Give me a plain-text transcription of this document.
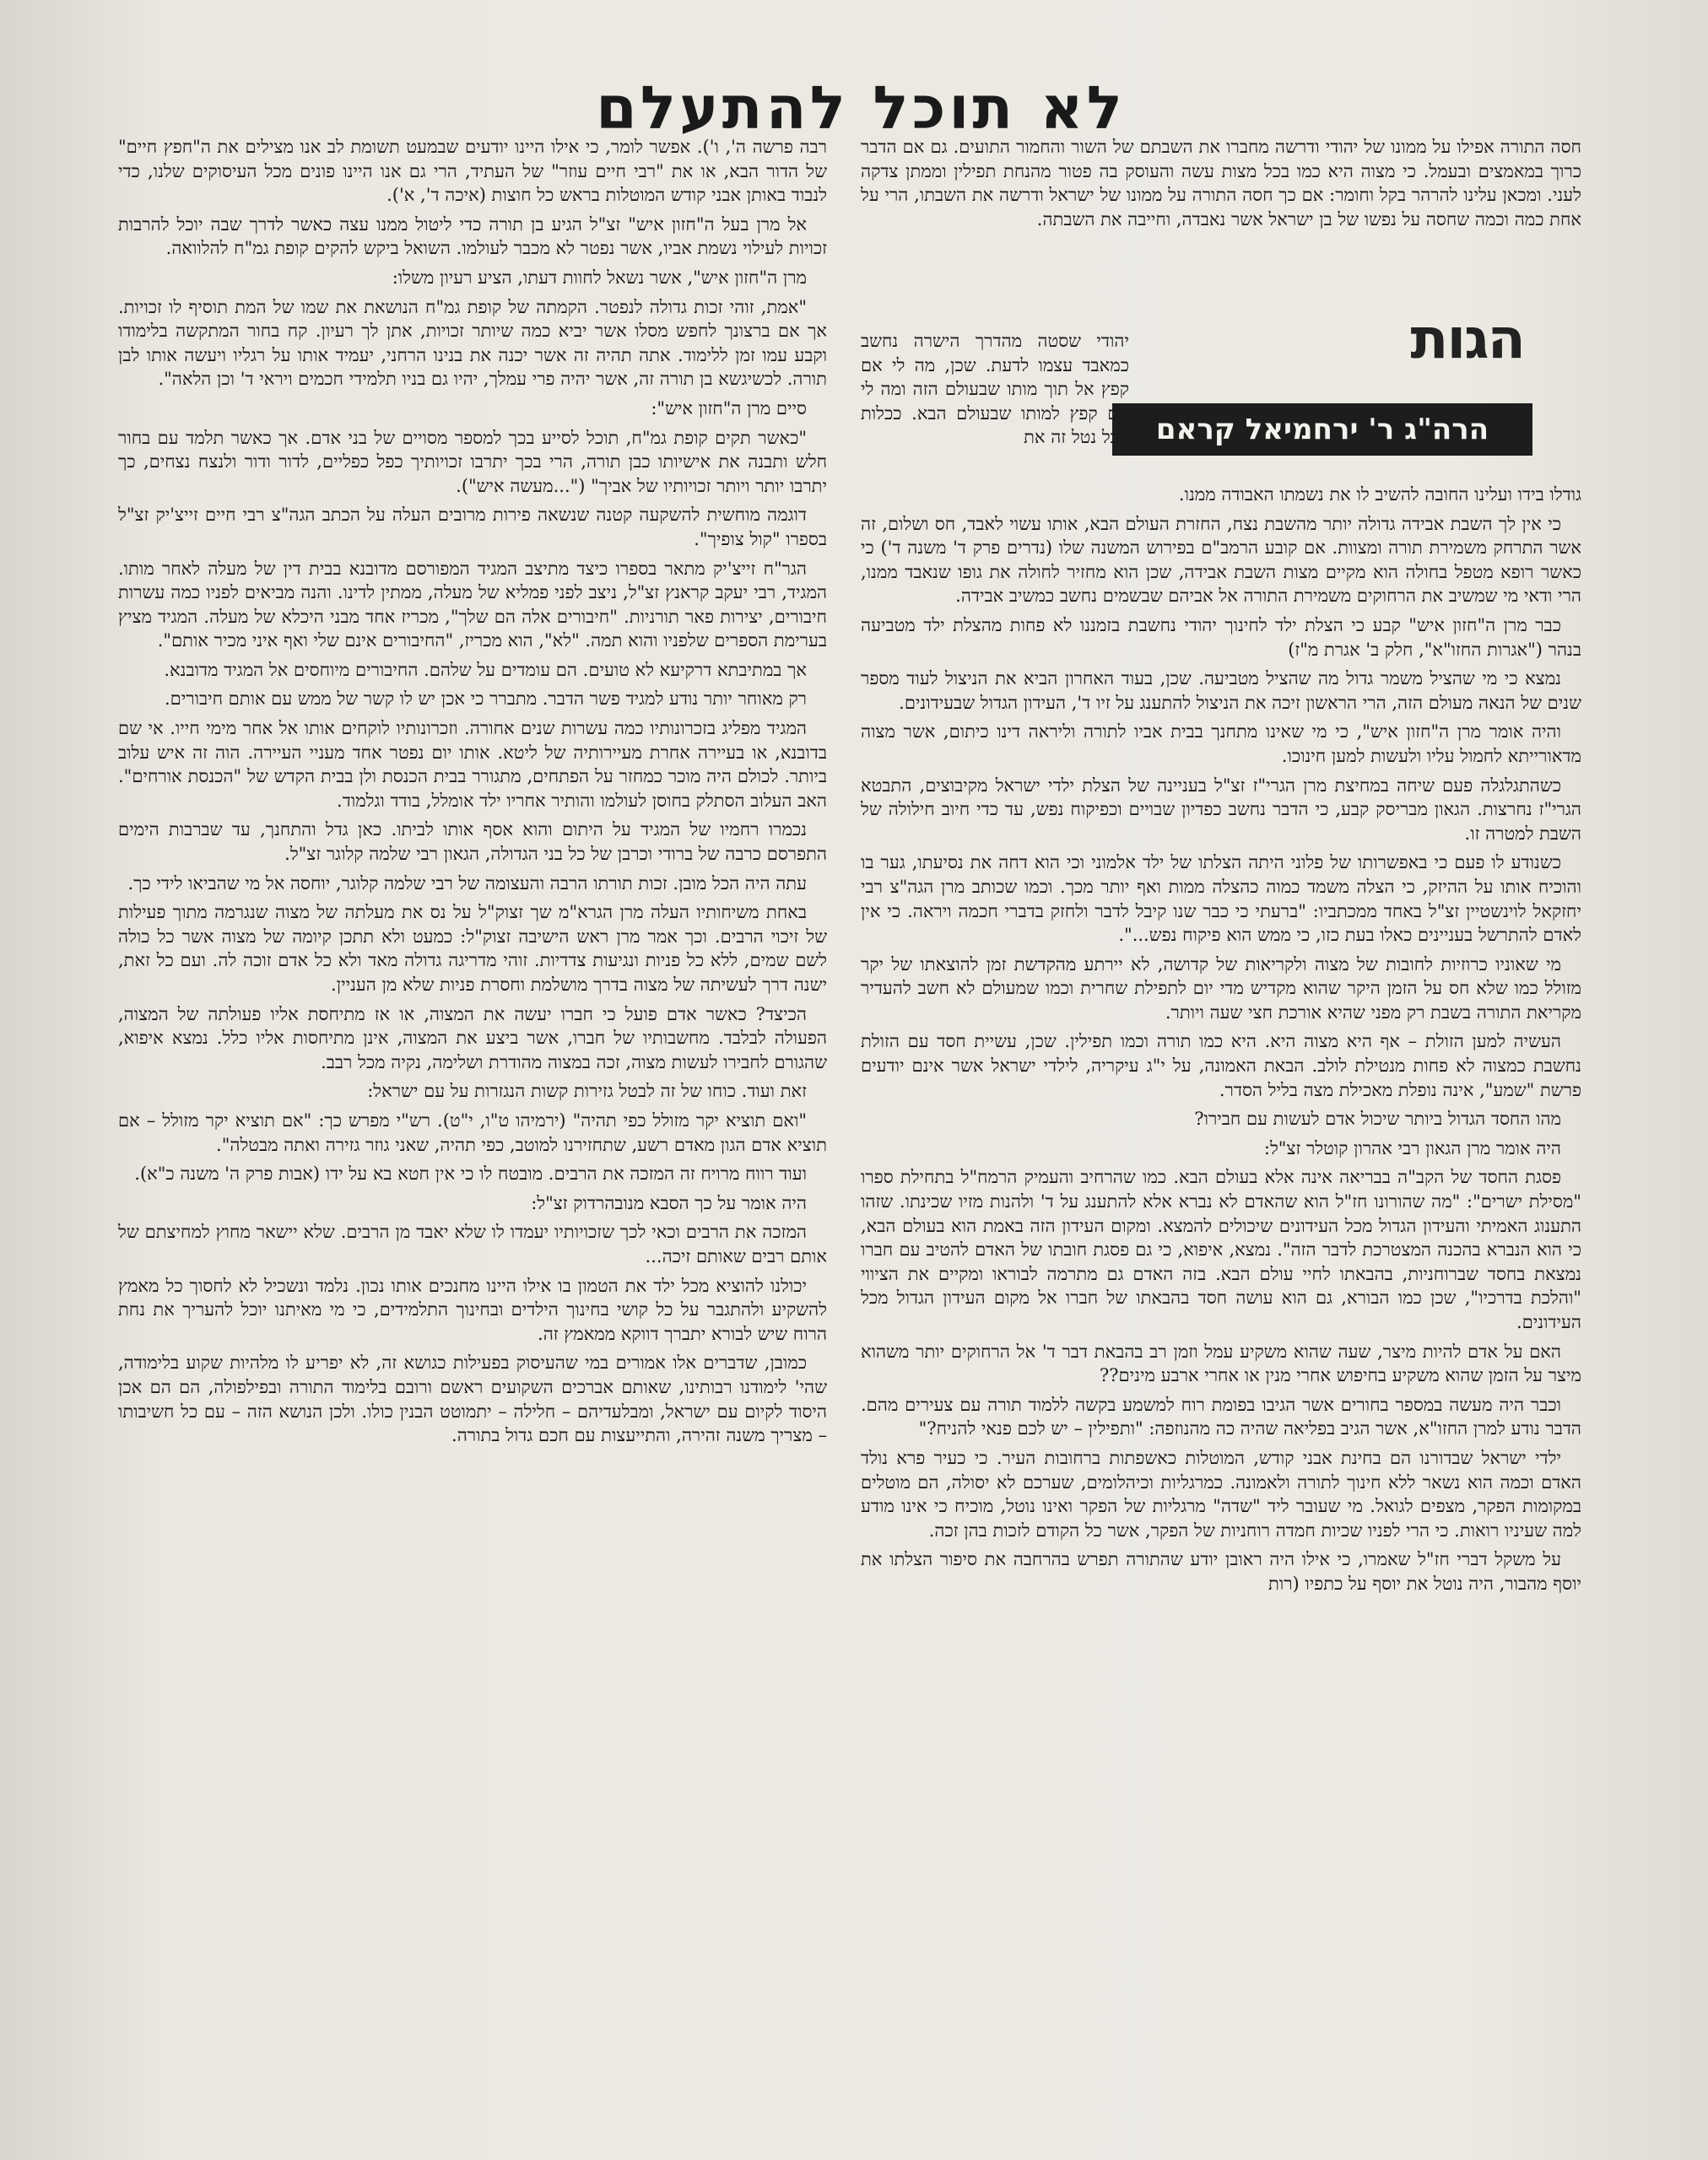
לא תוכל להתעלם

רבה פרשה ה', ו'). אפשר לומר, כי אילו היינו יודעים שבמעט תשומת לב אנו מצילים את ה"חפץ חיים" של הדור הבא, או את "רבי חיים עוזר" של העתיד, הרי גם אנו היינו פונים מכל העיסוקים שלנו, כדי לנבוד באותן אבני קודש המוטלות בראש כל חוצות (איכה ד', א').

אל מרן בעל ה"חזון איש" זצ"ל הגיע בן תורה כדי ליטול ממנו עצה כאשר לדרך שבה יוכל להרבות זכויות לעילוי נשמת אביו, אשר נפטר לא מכבר לעולמו. השואל ביקש להקים קופת גמ"ח להלוואה.

מרן ה"חזון איש", אשר נשאל לחוות דעתו, הציע רעיון משלו:

"אמת, זוהי זכות גדולה לנפטר. הקמתה של קופת גמ"ח הנושאת את שמו של המת תוסיף לו זכויות. אך אם ברצונך לחפש מסלו אשר יביא כמה שיותר זכויות, אתן לך רעיון. קח בחור המתקשה בלימודו וקבע עמו זמן ללימוד. אתה תהיה זה אשר יכנה את בנינו הרחני, יעמיד אותו על רגליו ויעשה אותו לבן תורה. לכשיגשא בן תורה זה, אשר יהיה פרי עמלך, יהיו גם בניו תלמידי חכמים ויראי ד' וכן הלאה".

סיים מרן ה"חזון איש":

"כאשר תקים קופת גמ"ח, תוכל לסייע בכך למספר מסויים של בני אדם. אך כאשר תלמד עם בחור חלש ותבנה את אישיותו כבן תורה, הרי בכך יתרבו זכויותיך כפל כפליים, לדור ודור ולנצח נצחים, כך יתרבו יותר ויותר זכויותיו של אביך" ("...מעשה איש").

דוגמה מוחשית להשקעה קטנה שנשאה פירות מרובים העלה על הכתב הגה"צ רבי חיים זייצ'יק זצ"ל בספרו "קול צופיך".

הגר"ח זייצ'יק מתאר בספרו כיצד מתיצב המגיד המפורסם מדובנא בבית דין של מעלה לאחר מותו. המגיד, רבי יעקב קראנץ זצ"ל, ניצב לפני פמליא של מעלה, ממתין לדינו. והנה מביאים לפניו כמה עשרות חיבורים, יצירות פאר תורניות. "חיבורים אלה הם שלך", מכריז אחד מבני היכלא של מעלה. המגיד מציץ בערימת הספרים שלפניו והוא תמה. "לא", הוא מכריז, "החיבורים אינם שלי ואף איני מכיר אותם".

אך במתיבתא דרקיעא לא טועים. הם עומדים על שלהם. החיבורים מיוחסים אל המגיד מדובנא.

רק מאוחר יותר נודע למגיד פשר הדבר. מתברר כי אכן יש לו קשר של ממש עם אותם חיבורים.

המגיד מפליג בזכרונותיו כמה עשרות שנים אחורה. וזכרונותיו לוקחים אותו אל אחר מימי חייו. אי שם בדובנא, או בעיירה אחרת מעיירותיה של ליטא. אותו יום נפטר אחד מעניי העיירה. הוה זה איש עלוב ביותר. לכולם היה מוכר כמחזר על הפתחים, מתגורר בבית הכנסת ולן בבית הקדש של "הכנסת אורחים". האב העלוב הסתלק בחוסן לעולמו והותיר אחריו ילד אומלל, בודד וגלמוד.

נכמרו רחמיו של המגיד על היתום והוא אסף אותו לביתו. כאן גדל והתחנך, עד שברבות הימים התפרסם כרבה של ברודי וכרבן של כל בני הגדולה, הגאון רבי שלמה קלוגר זצ"ל.

עתה היה הכל מובן. זכות תורתו הרבה והעצומה של רבי שלמה קלוגר, יוחסה אל מי שהביאו לידי כך.

באחת משיחותיו העלה מרן הגרא"מ שך זצוק"ל על נס את מעלתה של מצוה שנגרמה מתוך פעילות של זיכוי הרבים. וכך אמר מרן ראש הישיבה זצוק"ל: כמעט ולא תתכן קיומה של מצוה אשר כל כולה לשם שמים, ללא כל פניות ונגיעות צדדיות. זוהי מדריגה גדולה מאד ולא כל אדם זוכה לה. ועם כל זאת, ישנה דרך לעשיתה של מצוה בדרך מושלמת וחסרת פניות שלא מן העניין.

הכיצד? כאשר אדם פועל כי חברו יעשה את המצוה, או אז מתיחסת אליו פעולתה של המצוה, הפעולה לבלבד. מחשבותיו של חברו, אשר ביצע את המצוה, אינן מתיחסות אליו כלל. נמצא איפוא, שהגורם לחבירו לעשות מצוה, זכה במצוה מהודרת ושלימה, נקיה מכל רבב.

זאת ועוד. כוחו של זה לבטל גזירות קשות הנגזרות על עם ישראל:

"ואם תוציא יקר מזולל כפי תהיה" (ירמיהו ט"ו, י"ט). רש"י מפרש כך: "אם תוציא יקר מזולל – אם תוציא אדם הגון מאדם רשע, שתחזירנו למוטב, כפי תהיה, שאני גוזר גזירה ואתה מבטלה".

ועוד רווח מרויח זה המזכה את הרבים. מובטח לו כי אין חטא בא על ידו (אבות פרק ה' משנה כ"א).

היה אומר על כך הסבא מנובהרדוק זצ"ל:

המזכה את הרבים וכאי לכך שזכויותיו יעמדו לו שלא יאבד מן הרבים. שלא יישאר מחוץ למחיצתם של אותם רבים שאותם זיכה...

יכולנו להוציא מכל ילד את הטמון בו אילו היינו מחנכים אותו נכון. נלמד ונשכיל לא לחסוך כל מאמץ להשקיע ולהתגבר על כל קושי בחינוך הילדים ובחינוך התלמידים, כי מי מאיתנו יוכל להעריך את נחת הרוח שיש לבורא יתברך דווקא ממאמץ זה.

כמובן, שדברים אלו אמורים במי שהעיסוק בפעילות כגושא זה, לא יפריע לו מלהיות שקוע בלימודה, שהי' לימודנו רבותינו, שאותם אברכים השקועים ראשם ורובם בלימוד התורה ובפילפולה, הם הם אכן היסוד לקיום עם ישראל, ומבלעדיהם – חלילה – יתמוטט הבנין כולו. ולכן הנושא הזה – עם כל חשיבותו – מצריך משנה זהירה, והתייעצות עם חכם גדול בתורה.

חסה התורה אפילו על ממונו של יהודי ודרשה מחברו את השבתם של השור והחמור התועים. גם אם הדבר כרוך במאמצים ובעמל. כי מצוה היא כמו בכל מצות עשה והעוסק בה פטור מהנחת תפילין וממתן צדקה לעני. ומכאן עלינו להרהר בקל וחומר: אם כך חסה התורה על ממונו של ישראל ודרשה את השבתו, הרי על אחת כמה וכמה שחסה על נפשו של בן ישראל אשר נאבדה, וחייבה את השבתה.

הגות
הרה"ג ר' ירחמיאל קראם

יהודי שסטה מהדרך הישרה נחשב כמאבד עצמו לדעת. שכן, מה לי אם קפץ אל תוך מותו שבעולם הזה ומה לי אם קפץ למותו שבעולם הבא. ככלות הכל נטל זה את

גודלו בידו ועלינו החובה להשיב לו את נשמתו האבודה ממנו.

כי אין לך השבת אבידה גדולה יותר מהשבת נצח, החזרת העולם הבא, אותו עשוי לאבד, חס ושלום, זה אשר התרחק משמירת תורה ומצוות. אם קובע הרמב"ם בפירוש המשנה שלו (נדרים פרק ד' משנה ד') כי כאשר רופא מטפל בחולה הוא מקיים מצות השבת אבידה, שכן הוא מחזיר לחולה את גופו שנאבד ממנו, הרי ודאי מי שמשיב את הרחוקים משמירת התורה אל אביהם שבשמים נחשב כמשיב אבידה.

כבר מרן ה"חזון איש" קבע כי הצלת ילד לחינוך יהודי נחשבת בזמננו לא פחות מהצלת ילד מטביעה בנהר ("אגרות החזו"א", חלק ב' אגרת מ"ז)

נמצא כי מי שהציל משמר גדול מה שהציל מטביעה. שכן, בעוד האחרון הביא את הניצול לעוד מספר שנים של הנאה מעולם הזה, הרי הראשון זיכה את הניצול להתענג על זיו ד', העידון הגדול שבעידונים.

והיה אומר מרן ה"חזון איש", כי מי שאינו מתחנך בבית אביו לתורה וליראה דינו כיתום, אשר מצוה מדאורייתא לחמול עליו ולעשות למען חינוכו.

כשהתגלגלה פעם שיחה במחיצת מרן הגרי"ז זצ"ל בעניינה של הצלת ילדי ישראל מקיבוצים, התבטא הגרי"ז נחרצות. הגאון מבריסק קבע, כי הדבר נחשב כפדיון שבויים וכפיקוח נפש, עד כדי חיוב חילולה של השבת למטרה זו.

כשנודע לו פעם כי באפשרותו של פלוני היתה הצלתו של ילד אלמוני וכי הוא דחה את נסיעתו, גער בו והוכיח אותו על ההיזק, כי הצלה משמד כמוה כהצלה ממות ואף יותר מכך. וכמו שכותב מרן הגה"צ רבי יחזקאל לוינשטיין זצ"ל באחד ממכתביו: "ברעתי כי כבר שנו קיבל לדבר ולחזק בדברי חכמה ויראה. כי אין לאדם להתרשל בעניינים כאלו בעת כזו, כי ממש הוא פיקוח נפש...".

מי שאוניו כרוזיות לחובות של מצוה ולקריאות של קדושה, לא יירתע מהקדשת זמן להוצאתו של יקר מזולל כמו שלא חס על הזמן היקר שהוא מקדיש מדי יום לתפילת שחרית וכמו שמעולם לא חשב להעדיר מקריאת התורה בשבת רק מפני שהיא אורכת חצי שעה ויותר.

העשיה למען הזולת – אף היא מצוה היא. היא כמו תורה וכמו תפילין. שכן, עשיית חסד עם הזולת נחשבת כמצוה לא פחות מנטילת לולב. הבאת האמונה, על י"ג עיקריה, לילדי ישראל אשר אינם יודעים פרשת "שמע", אינה נופלת מאכילת מצה בליל הסדר.

מהו החסד הגדול ביותר שיכול אדם לעשות עם חבירו?

היה אומר מרן הגאון רבי אהרון קוטלר זצ"ל:

פסגת החסד של הקב"ה בבריאה אינה אלא בעולם הבא. כמו שהרחיב והעמיק הרמח"ל בתחילת ספרו "מסילת ישרים": "מה שהורונו חז"ל הוא שהאדם לא נברא אלא להתענג על ד' ולהנות מזיו שכינתו. שזהו התענוג האמיתי והעידון הגדול מכל העידונים שיכולים להמצא. ומקום העידון הזה באמת הוא בעולם הבא, כי הוא הנברא בהכנה המצטרכת לדבר הזה". נמצא, איפוא, כי גם פסגת חובתו של האדם להטיב עם חברו נמצאת בחסד שברוחניות, בהבאתו לחיי עולם הבא. בזה האדם גם מתרמה לבוראו ומקיים את הציווי "והלכת בדרכיו", שכן כמו הבורא, גם הוא עושה חסד בהבאתו של חברו אל מקום העידון הגדול מכל העידונים.

האם על אדם להיות מיצר, שעה שהוא משקיע עמל וזמן רב בהבאת דבר ד' אל הרחוקים יותר משהוא מיצר על הזמן שהוא משקיע בחיפוש אחרי מנין או אחרי ארבע מינים??

וכבר היה מעשה במספר בחורים אשר הגיבו בפומת רוח למשמע בקשה ללמוד תורה עם צעירים מהם. הדבר נודע למרן החזו"א, אשר הגיב בפליאה שהיה כה מהנוזפה: "ותפילין – יש לכם פנאי להניח?"

ילדי ישראל שבדורנו הם בחינת אבני קודש, המוטלות כאשפתות ברחובות העיר. כי כעיר פרא נולד האדם וכמה הוא נשאר ללא חינוך לתורה ולאמונה. כמרגליות וכיהלומים, שערכם לא יסולה, הם מוטלים במקומות הפקר, מצפים לגואל. מי שעובר ליד "שדה" מרגליות של הפקר ואינו נוטל, מוכיח כי אינו מודע למה שעיניו רואות. כי הרי לפניו שכיות חמדה רוחניות של הפקר, אשר כל הקודם לזכות בהן זכה.

על משקל דברי חז"ל שאמרו, כי אילו היה ראובן יודע שהתורה תפרש בהרחבה את סיפור הצלתו את יוסף מהבור, היה נוטל את יוסף על כתפיו (רות
